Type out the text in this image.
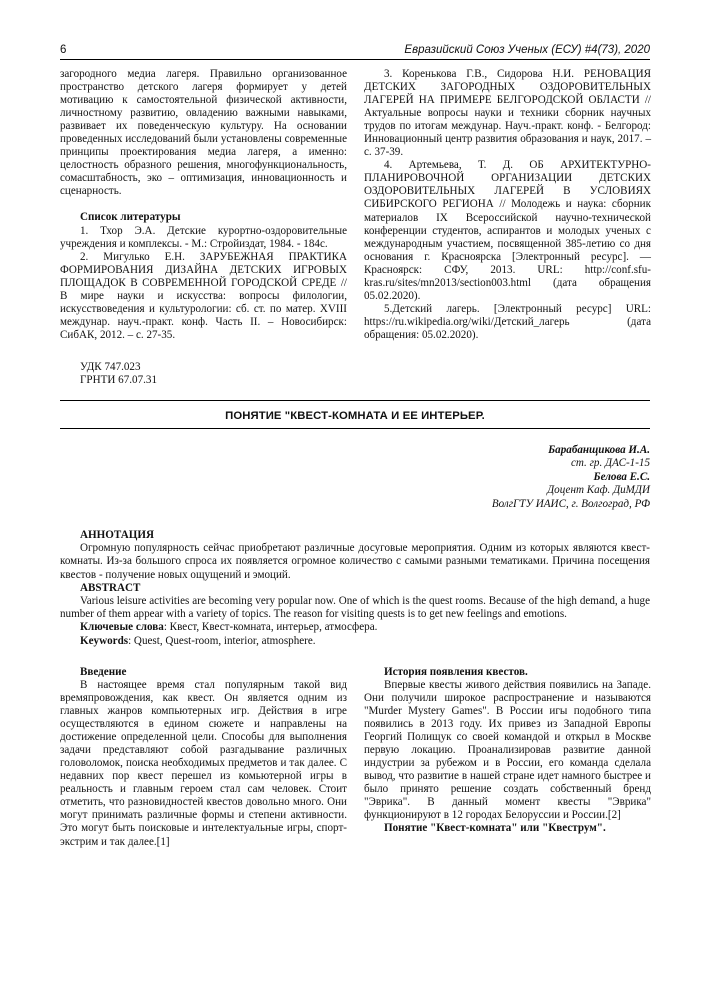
6	Евразийский Союз Ученых (ЕСУ) #4(73), 2020

загородного медиа лагеря. Правильно организованное пространство детского лагеря формирует у детей мотивацию к самостоятельной физической активности, личностному развитию, овладению важными навыками, развивает их поведенческую культуру. На основании проведенных исследований были установлены современные принципы проектирования медиа лагеря, а именно: целостность образного решения, многофункциональность, сомасштабность, эко – оптимизация, инновационность и сценарность.

Список литературы

1. Тхор Э.А. Детские курортно-оздоровительные учреждения и комплексы. - М.: Стройиздат, 1984. - 184с.

2. Мигулько Е.Н. ЗАРУБЕЖНАЯ ПРАКТИКА ФОРМИРОВАНИЯ ДИЗАЙНА ДЕТСКИХ ИГРОВЫХ ПЛОЩАДОК В СОВРЕМЕННОЙ ГОРОДСКОЙ СРЕДЕ // В мире науки и искусства: вопросы филологии, искусствоведения и культурологии: сб. ст. по матер. XVIII междунар. науч.-практ. конф. Часть II. – Новосибирск: СибАК, 2012. – с. 27-35.

УДК 747.023
ГРНТИ 67.07.31

3. Коренькова Г.В., Сидорова Н.И. РЕНОВАЦИЯ ДЕТСКИХ ЗАГОРОДНЫХ ОЗДОРОВИТЕЛЬНЫХ ЛАГЕРЕЙ НА ПРИМЕРЕ БЕЛГОРОДСКОЙ ОБЛАСТИ // Актуальные вопросы науки и техники сборник научных трудов по итогам междунар. Науч.-практ. конф. - Белгород: Инновационный центр развития образования и наук, 2017. – с. 37-39.

4. Артемьева, Т. Д. ОБ АРХИТЕКТУРНО-ПЛАНИРОВОЧНОЙ ОРГАНИЗАЦИИ ДЕТСКИХ ОЗДОРОВИТЕЛЬНЫХ ЛАГЕРЕЙ В УСЛОВИЯХ СИБИРСКОГО РЕГИОНА // Молодежь и наука: сборник материалов IX Всероссийской научно-технической конференции студентов, аспирантов и молодых ученых с международным участием, посвященной 385-летию со дня основания г. Красноярска [Электронный ресурс]. — Красноярск: СФУ, 2013. URL: http://conf.sfu-kras.ru/sites/mn2013/section003.html (дата обращения 05.02.2020).

5.Детский лагерь. [Электронный ресурс] URL: https://ru.wikipedia.org/wiki/Детский_лагерь (дата обращения: 05.02.2020).

ПОНЯТИЕ "КВЕСТ-КОМНАТА И ЕЕ ИНТЕРЬЕР.
Барабанщикова И.А.
ст. гр. ДАС-1-15
Белова Е.С.
Доцент Каф. ДиМДИ
ВолгГТУ ИАИС, г. Волгоград, РФ

АННОТАЦИЯ

Огромную популярность сейчас приобретают различные досуговые мероприятия. Одним из которых являются квест-комнаты. Из-за большого спроса их появляется огромное количество с самыми разными тематиками. Причина посещения квестов - получение новых ощущений и эмоций.

ABSTRACT

Various leisure activities are becoming very popular now. One of which is the quest rooms. Because of the high demand, a huge number of them appear with a variety of topics. The reason for visiting quests is to get new feelings and emotions.

Ключевые слова: Квест, Квест-комната, интерьер, атмосфера.

Keywords: Quest, Quest-room, interior, atmosphere.

Введение

В настоящее время стал популярным такой вид времяпровождения, как квест. Он является одним из главных жанров компьютерных игр. Действия в игре осуществляются в едином сюжете и направлены на достижение определенной цели. Способы для выполнения задачи представляют собой разгадывание различных головоломок, поиска необходимых предметов и так далее. С недавних пор квест перешел из комьютерной игры в реальность и главным героем стал сам человек. Стоит отметить, что разновидностей квестов довольно много. Они могут принимать различные формы и степени активности. Это могут быть поисковые и интелектуальные игры, спорт-экстрим и так далее.[1]

История появления квестов.

Впервые квесты живого действия появились на Западе. Они получили широкое распространение и называются "Murder Mystery Games". В России игы подобного типа появились в 2013 году. Их привез из Западной Европы Георгий Полищук со своей командой и открыл в Москве первую локацию. Проанализировав развитие данной индустрии за рубежом и в России, его команда сделала вывод, что развитие в нашей стране идет намного быстрее и было принято решение создать собственный бренд "Эврика". В данный момент квесты "Эврика" функционируют в 12 городах Белоруссии и России.[2]

Понятие "Квест-комната" или "Квеструм".
